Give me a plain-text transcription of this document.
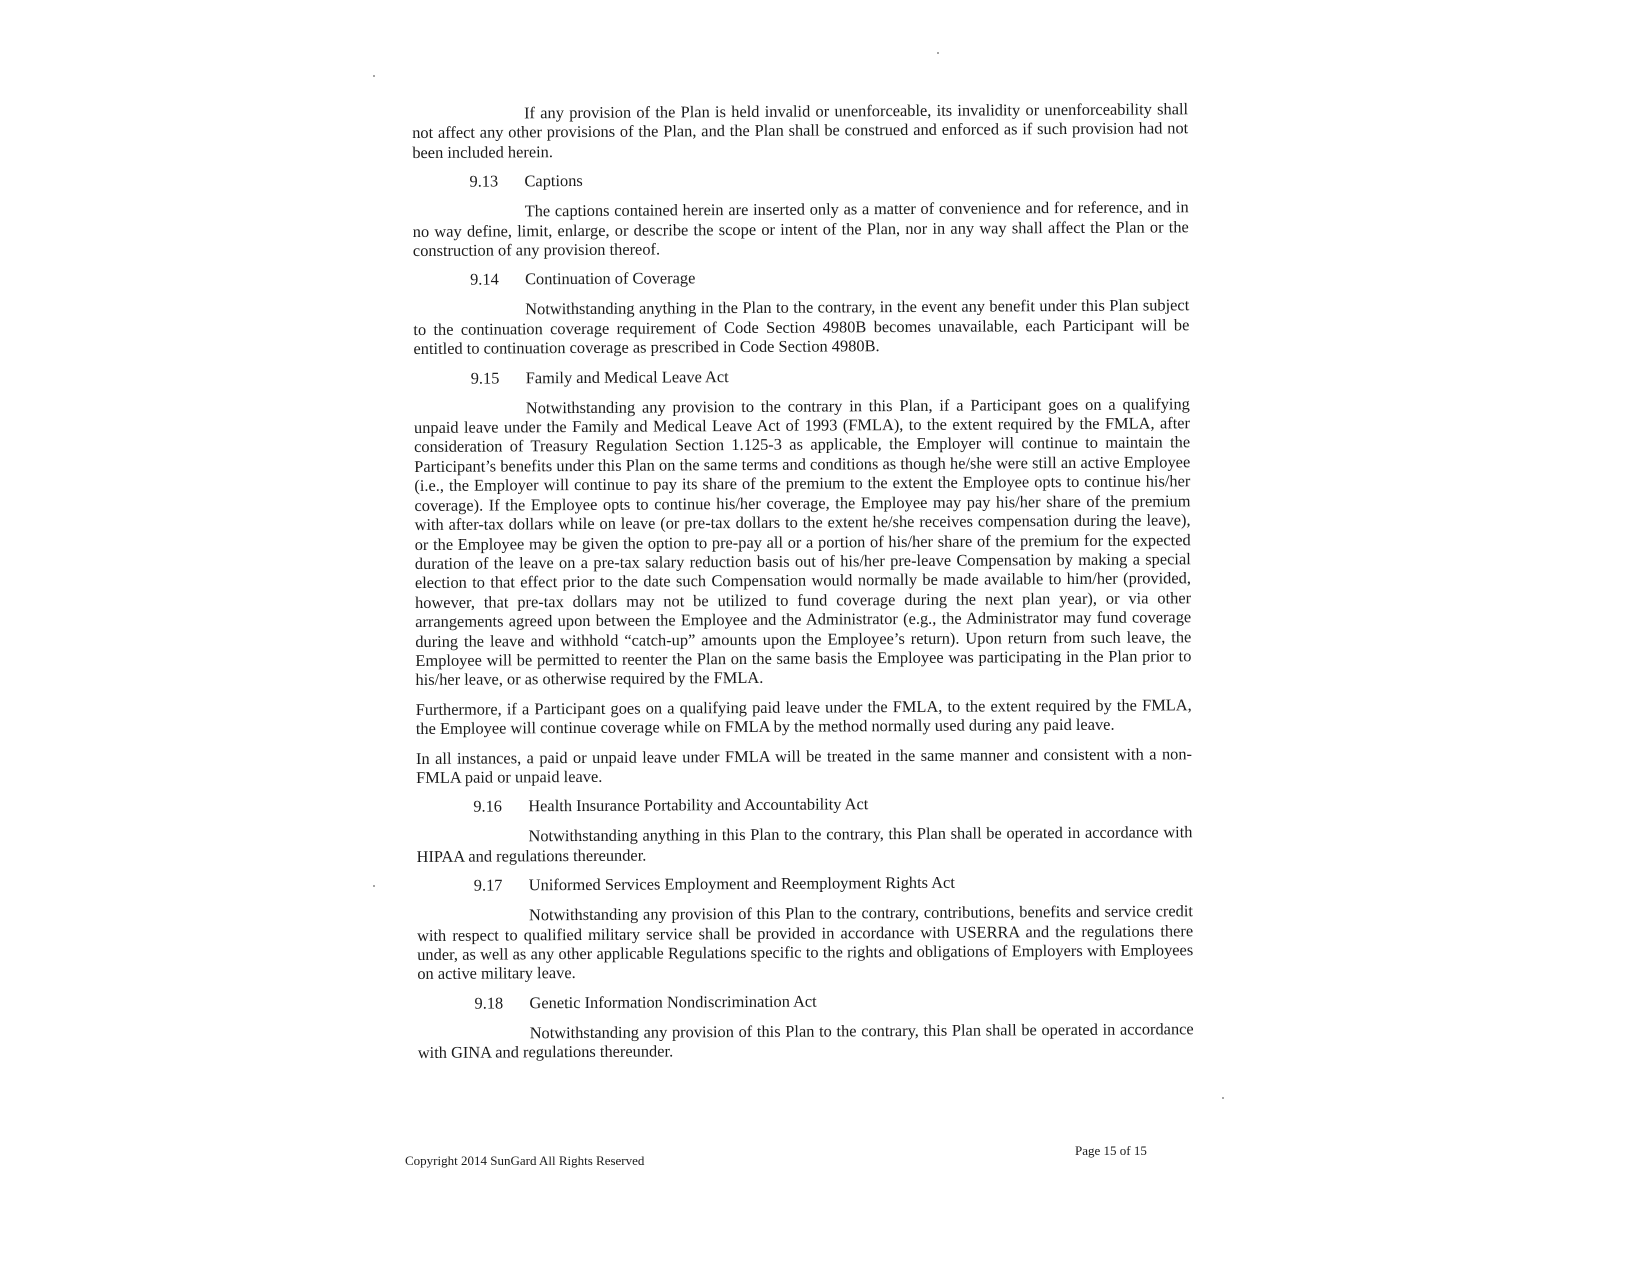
If any provision of the Plan is held invalid or unenforceable, its invalidity or unenforceability shall not affect any other provisions of the Plan, and the Plan shall be construed and enforced as if such provision had not been included herein.

9.13 Captions

The captions contained herein are inserted only as a matter of convenience and for reference, and in no way define, limit, enlarge, or describe the scope or intent of the Plan, nor in any way shall affect the Plan or the construction of any provision thereof.

9.14 Continuation of Coverage

Notwithstanding anything in the Plan to the contrary, in the event any benefit under this Plan subject to the continuation coverage requirement of Code Section 4980B becomes unavailable, each Participant will be entitled to continuation coverage as prescribed in Code Section 4980B.

9.15 Family and Medical Leave Act

Notwithstanding any provision to the contrary in this Plan, if a Participant goes on a qualifying unpaid leave under the Family and Medical Leave Act of 1993 (FMLA), to the extent required by the FMLA, after consideration of Treasury Regulation Section 1.125-3 as applicable, the Employer will continue to maintain the Participant’s benefits under this Plan on the same terms and conditions as though he/she were still an active Employee (i.e., the Employer will continue to pay its share of the premium to the extent the Employee opts to continue his/her coverage). If the Employee opts to continue his/her coverage, the Employee may pay his/her share of the premium with after-tax dollars while on leave (or pre-tax dollars to the extent he/she receives compensation during the leave), or the Employee may be given the option to pre-pay all or a portion of his/her share of the premium for the expected duration of the leave on a pre-tax salary reduction basis out of his/her pre-leave Compensation by making a special election to that effect prior to the date such Compensation would normally be made available to him/her (provided, however, that pre-tax dollars may not be utilized to fund coverage during the next plan year), or via other arrangements agreed upon between the Employee and the Administrator (e.g., the Administrator may fund coverage during the leave and withhold “catch-up” amounts upon the Employee’s return). Upon return from such leave, the Employee will be permitted to reenter the Plan on the same basis the Employee was participating in the Plan prior to his/her leave, or as otherwise required by the FMLA.

Furthermore, if a Participant goes on a qualifying paid leave under the FMLA, to the extent required by the FMLA, the Employee will continue coverage while on FMLA by the method normally used during any paid leave.

In all instances, a paid or unpaid leave under FMLA will be treated in the same manner and consistent with a non-FMLA paid or unpaid leave.

9.16 Health Insurance Portability and Accountability Act

Notwithstanding anything in this Plan to the contrary, this Plan shall be operated in accordance with HIPAA and regulations thereunder.

9.17 Uniformed Services Employment and Reemployment Rights Act

Notwithstanding any provision of this Plan to the contrary, contributions, benefits and service credit with respect to qualified military service shall be provided in accordance with USERRA and the regulations there under, as well as any other applicable Regulations specific to the rights and obligations of Employers with Employees on active military leave.

9.18 Genetic Information Nondiscrimination Act

Notwithstanding any provision of this Plan to the contrary, this Plan shall be operated in accordance with GINA and regulations thereunder.

Copyright 2014 SunGard All Rights Reserved
Page 15 of 15
